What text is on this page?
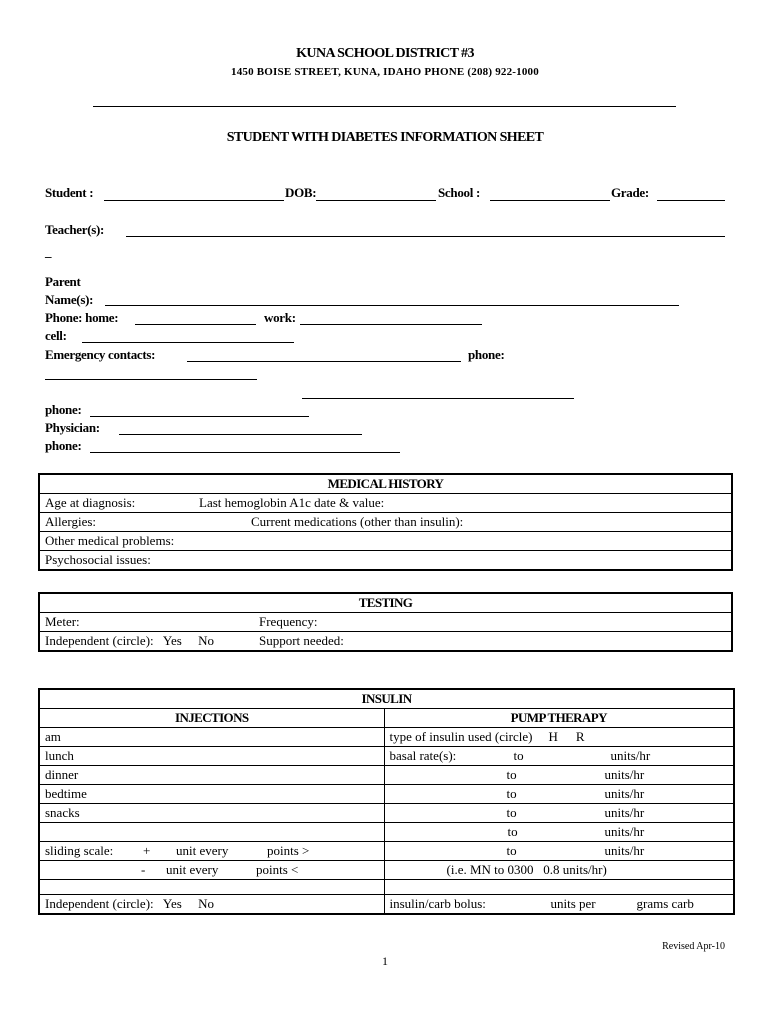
KUNA SCHOOL DISTRICT #3
1450 BOISE STREET, KUNA, IDAHO PHONE (208) 922-1000
STUDENT WITH DIABETES INFORMATION SHEET
Student :	DOB:	School :	Grade:
Teacher(s):
_
Parent
Name(s):
Phone: home:	work:
cell:
Emergency contacts:	phone:
phone:
Physician:
phone:
MEDICAL HISTORY
Age at diagnosis:	Last hemoglobin A1c date & value:
Allergies:	Current medications (other than insulin):
Other medical problems:
Psychosocial issues:
TESTING
Meter:	Frequency:
Independent (circle):   Yes     No	Support needed:
INSULIN	
INJECTIONS	PUMP THERAPY
am	type of insulin used (circle) H R
lunch	basal rate(s): to units/hr
dinner	to units/hr
bedtime	to units/hr
snacks	to units/hr
	to units/hr
sliding scale: + unit every points >	to units/hr
- unit every points <	(i.e. MN to 0300   0.8 units/hr)

Independent (circle):   Yes     No	insulin/carb bolus: units per grams carb
Revised Apr-10
1
